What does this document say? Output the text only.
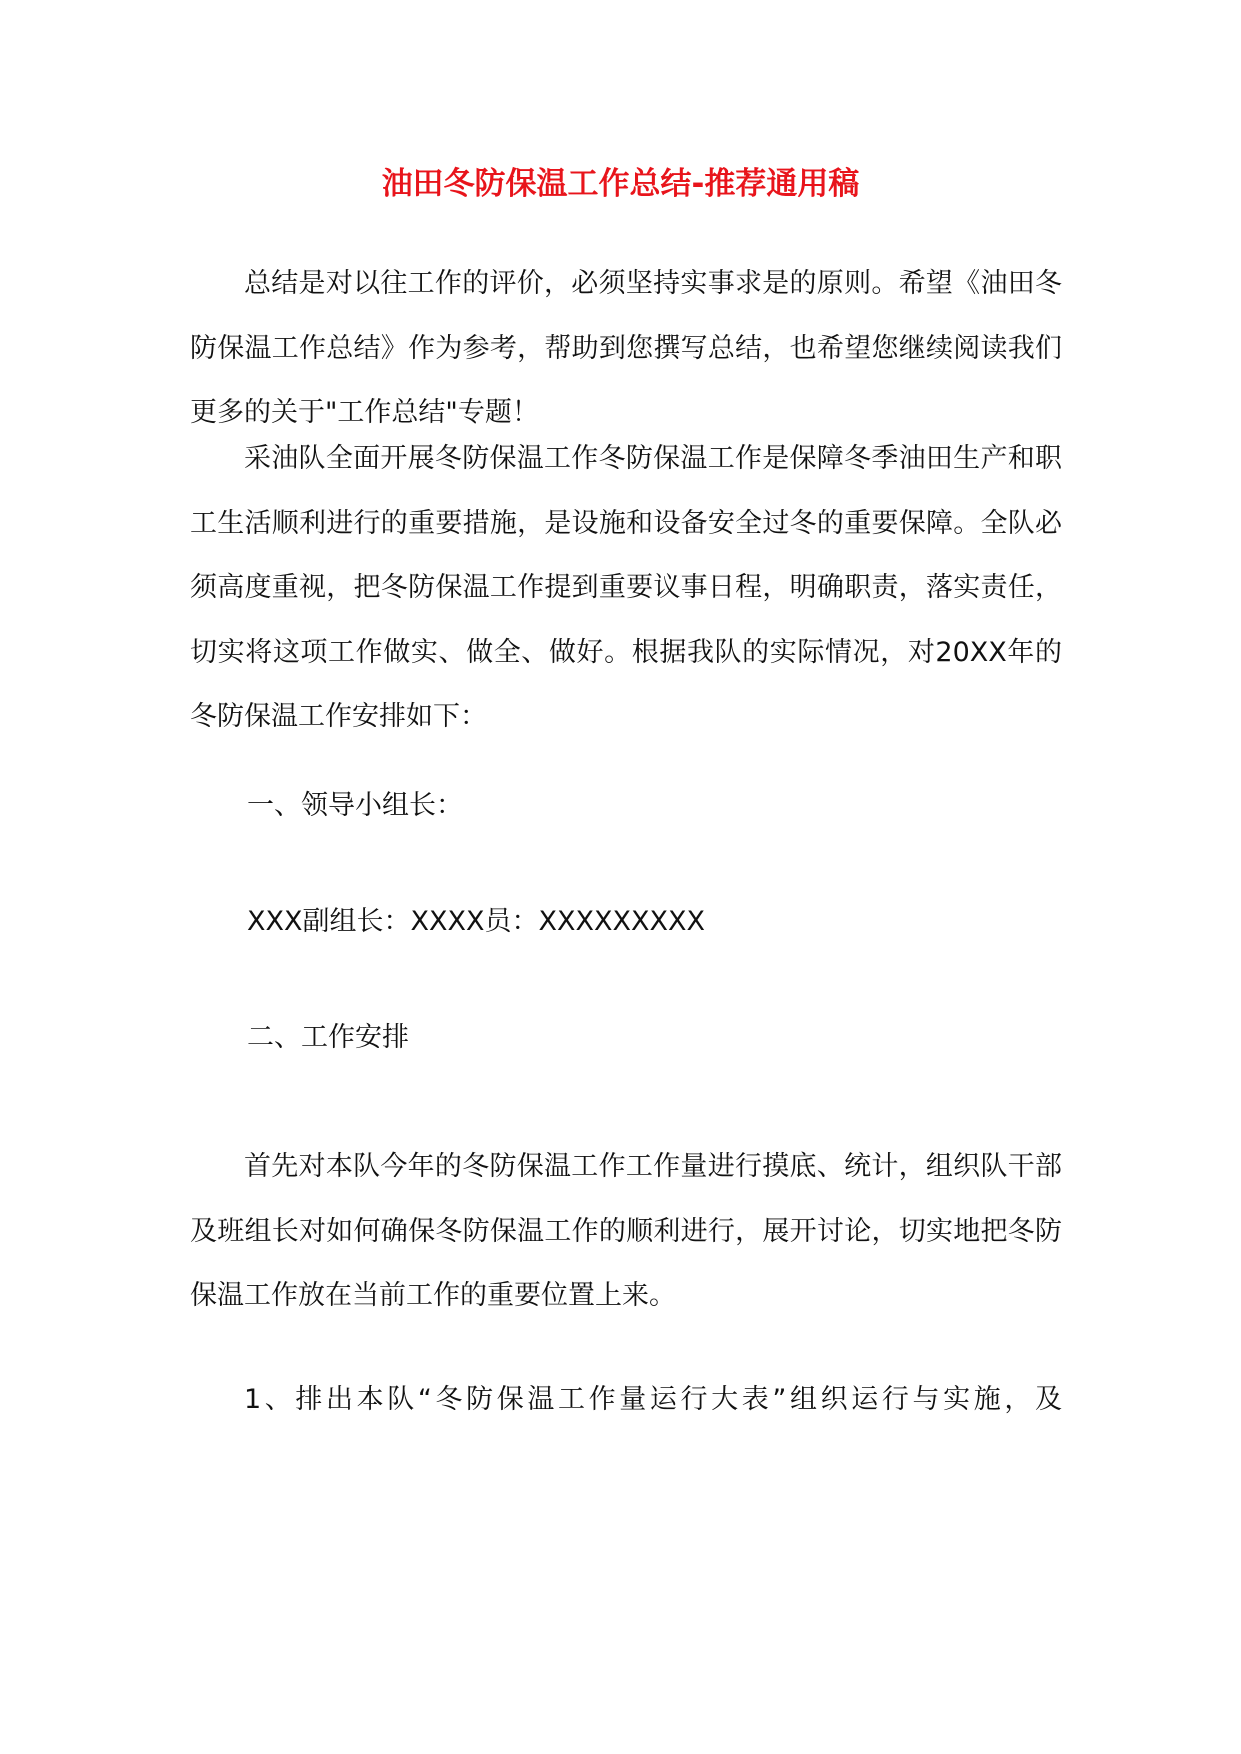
油田冬防保温工作总结-推荐通用稿

总结是对以往工作的评价，必须坚持实事求是的原则。希望《油田冬防保温工作总结》作为参考，帮助到您撰写总结，也希望您继续阅读我们更多的关于"工作总结"专题！

采油队全面开展冬防保温工作冬防保温工作是保障冬季油田生产和职工生活顺利进行的重要措施，是设施和设备安全过冬的重要保障。全队必须高度重视，把冬防保温工作提到重要议事日程，明确职责，落实责任，切实将这项工作做实、做全、做好。根据我队的实际情况，对20XX年的冬防保温工作安排如下：

一、领导小组长：

XXX副组长：XXXX员：XXXXXXXXX

二、工作安排

首先对本队今年的冬防保温工作工作量进行摸底、统计，组织队干部及班组长对如何确保冬防保温工作的顺利进行，展开讨论，切实地把冬防保温工作放在当前工作的重要位置上来。

1、排出本队“冬防保温工作量运行大表”组织运行与实施，及
